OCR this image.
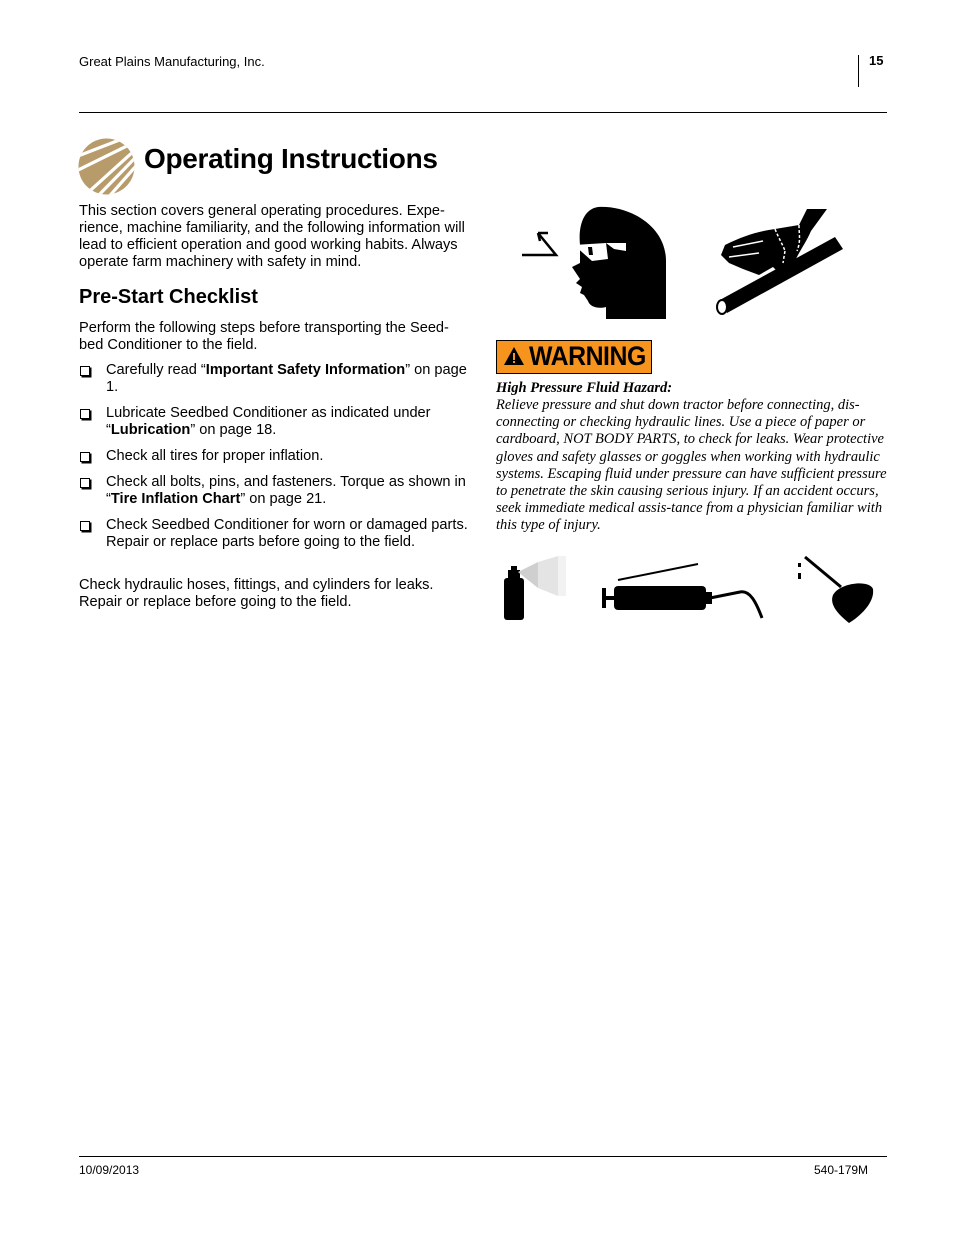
Great Plains Manufacturing, Inc.	15
Operating Instructions
This section covers general operating procedures. Expe-rience, machine familiarity, and the following information will lead to efficient operation and good working habits. Always operate farm machinery with safety in mind.
Pre-Start Checklist
Perform the following steps before transporting the Seed-bed Conditioner to the field.
Carefully read “Important Safety Information” on page 1.
Lubricate Seedbed Conditioner as indicated under “Lubrication” on page 18.
Check all tires for proper inflation.
Check all bolts, pins, and fasteners. Torque as shown in “Tire Inflation Chart” on page 21.
Check Seedbed Conditioner for worn or damaged parts. Repair or replace parts before going to the field.
Check hydraulic hoses, fittings, and cylinders for leaks. Repair or replace before going to the field.
WARNING
High Pressure Fluid Hazard:
Relieve pressure and shut down tractor before connecting, dis-connecting or checking hydraulic lines. Use a piece of paper or cardboard, NOT BODY PARTS, to check for leaks. Wear protective gloves and safety glasses or goggles when working with hydraulic systems. Escaping fluid under pressure can have sufficient pressure to penetrate the skin causing serious injury. If an accident occurs, seek immediate medical assis-tance from a physician familiar with this type of injury.
10/09/2013	540-179M
